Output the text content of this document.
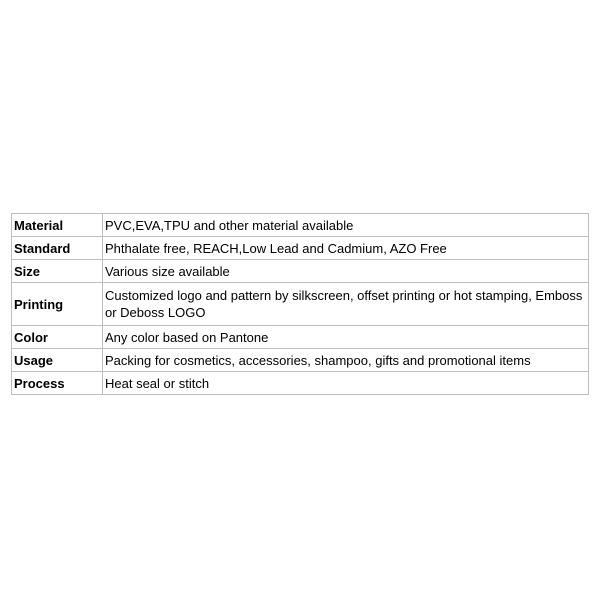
Material	PVC,EVA,TPU and other material available
Standard	Phthalate free, REACH,Low Lead and Cadmium, AZO Free
Size	Various size available
Printing	Customized logo and pattern by silkscreen, offset printing or hot stamping, Emboss or Deboss LOGO
Color	Any color based on Pantone
Usage	Packing for cosmetics, accessories, shampoo, gifts and promotional items
Process	Heat seal or stitch
